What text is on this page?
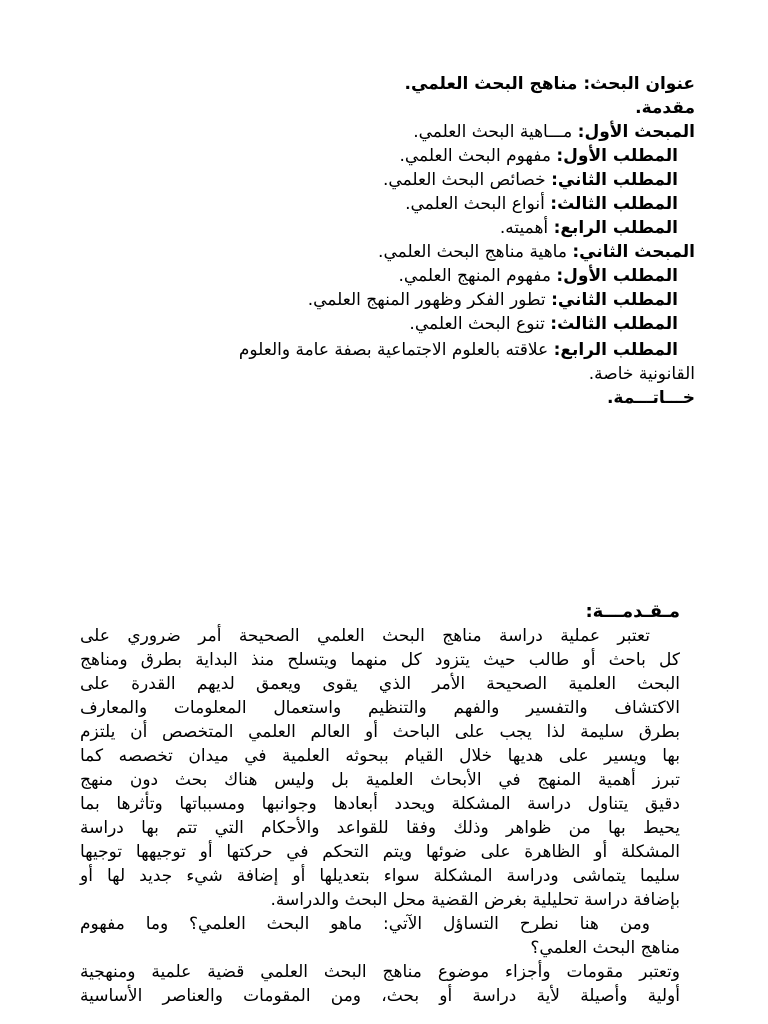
عنوان البحث: مناهج البحث العلمي.
مقدمة.
المبحث الأول: مـــاهية البحث العلمي.
المطلب الأول: مفهوم البحث العلمي.
المطلب الثاني: خصائص البحث العلمي.
المطلب الثالث: أنواع البحث العلمي.
المطلب الرابع: أهميته.
المبحث الثاني: ماهية مناهج البحث العلمي.
المطلب الأول: مفهوم المنهج العلمي.
المطلب الثاني: تطور الفكر وظهور المنهج العلمي.
المطلب الثالث: تنوع البحث العلمي.
المطلب الرابع: علاقته بالعلوم الاجتماعية بصفة عامة والعلوم
القانونية خاصة.
خـــاتـــمة.
مـقـدمـــة:
تعتبر عملية دراسة مناهج البحث العلمي الصحيحة أمر ضروري على
كل باحث أو طالب حيث يتزود كل منهما ويتسلح منذ البداية بطرق ومناهج
البحث العلمية الصحيحة الأمر الذي يقوى ويعمق لديهم القدرة على
الاكتشاف والتفسير والفهم والتنظيم واستعمال المعلومات والمعارف
بطرق سليمة لذا يجب على الباحث أو العالم العلمي المتخصص أن يلتزم
بها ويسير على هديها خلال القيام ببحوثه العلمية في ميدان تخصصه كما
تبرز أهمية المنهج في الأبحاث العلمية بل وليس هناك بحث دون منهج
دقيق يتناول دراسة المشكلة ويحدد أبعادها وجوانبها ومسبباتها وتأثرها بما
يحيط بها من ظواهر وذلك وفقا للقواعد والأحكام التي تتم بها دراسة
المشكلة أو الظاهرة على ضوئها ويتم التحكم في حركتها أو توجيهها توجيها
سليما يتماشى ودراسة المشكلة سواء بتعديلها أو إضافة شيء جديد لها أو
بإضافة دراسة تحليلية بغرض القضية محل البحث والدراسة.
ومن هنا نطرح التساؤل الآتي: ماهو البحث العلمي؟ وما مفهوم
مناهج البحث العلمي؟
وتعتبر مقومات وأجزاء موضوع مناهج البحث العلمي قضية علمية ومنهجية
أولية وأصيلة لأية دراسة أو بحث، ومن المقومات والعناصر الأساسية
